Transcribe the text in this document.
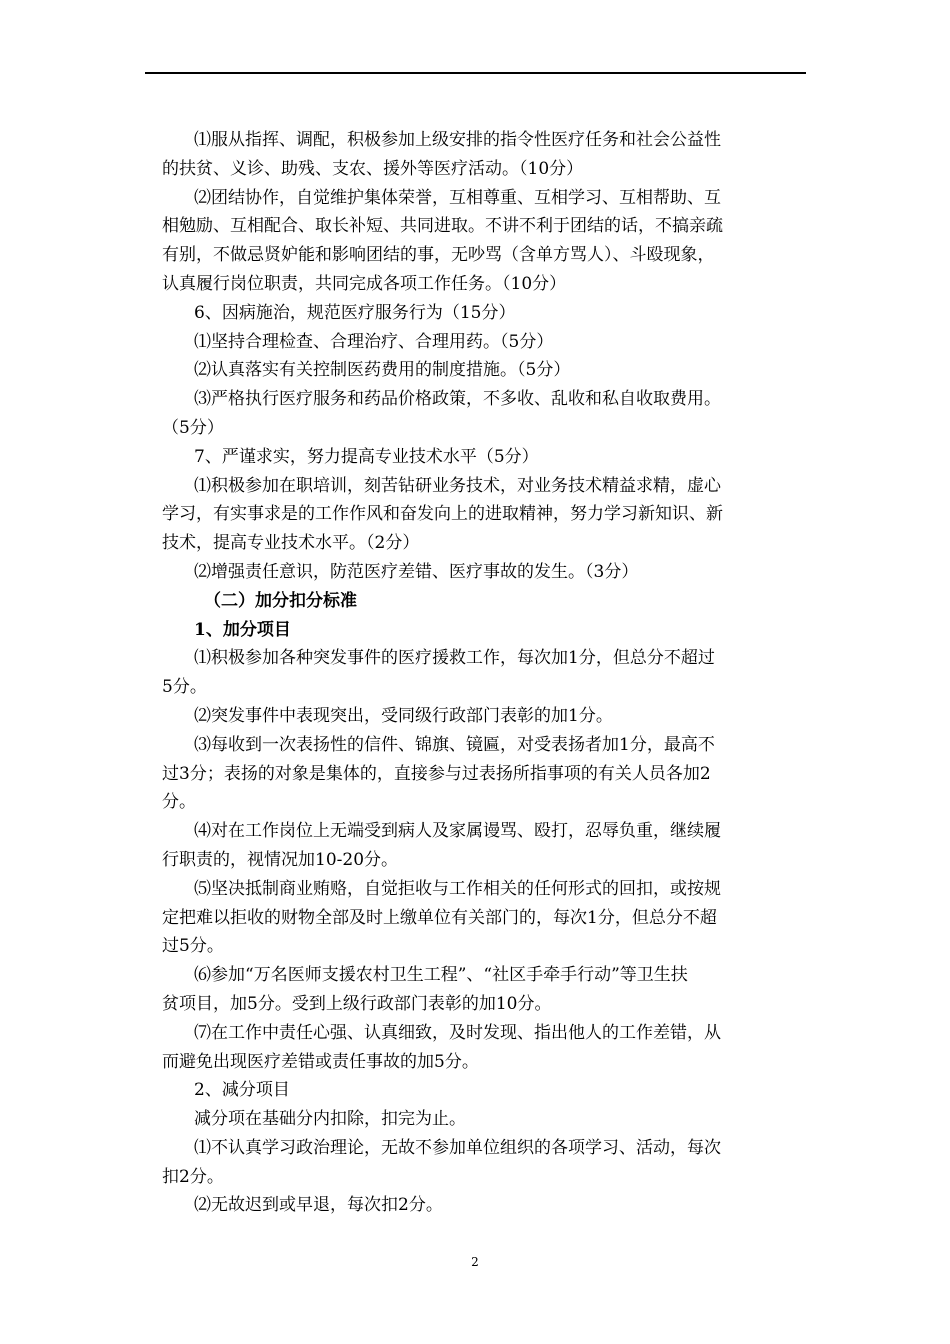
⑴服从指挥、调配，积极参加上级安排的指令性医疗任务和社会公益性
的扶贫、义诊、助残、支农、援外等医疗活动。（10分）
⑵团结协作，自觉维护集体荣誉，互相尊重、互相学习、互相帮助、互
相勉励、互相配合、取长补短、共同进取。不讲不利于团结的话，不搞亲疏
有别，不做忌贤妒能和影响团结的事，无吵骂（含单方骂人）、斗殴现象，
认真履行岗位职责，共同完成各项工作任务。（10分）
6、因病施治，规范医疗服务行为（15分）
⑴坚持合理检查、合理治疗、合理用药。（5分）
⑵认真落实有关控制医药费用的制度措施。（5分）
⑶严格执行医疗服务和药品价格政策，不多收、乱收和私自收取费用。
（5分）
7、严谨求实，努力提高专业技术水平（5分）
⑴积极参加在职培训，刻苦钻研业务技术，对业务技术精益求精，虚心
学习，有实事求是的工作作风和奋发向上的进取精神，努力学习新知识、新
技术，提高专业技术水平。（2分）
⑵增强责任意识，防范医疗差错、医疗事故的发生。（3分）
（二）加分扣分标准
1、加分项目
⑴积极参加各种突发事件的医疗援救工作，每次加1分，但总分不超过
5分。
⑵突发事件中表现突出，受同级行政部门表彰的加1分。
⑶每收到一次表扬性的信件、锦旗、镜匾，对受表扬者加1分，最高不
过3分；表扬的对象是集体的，直接参与过表扬所指事项的有关人员各加2
分。
⑷对在工作岗位上无端受到病人及家属谩骂、殴打，忍辱负重，继续履
行职责的，视情况加10-20分。
⑸坚决抵制商业贿赂，自觉拒收与工作相关的任何形式的回扣，或按规
定把难以拒收的财物全部及时上缴单位有关部门的，每次1分，但总分不超
过5分。
⑹参加“万名医师支援农村卫生工程”、“社区手牵手行动”等卫生扶
贫项目，加5分。受到上级行政部门表彰的加10分。
⑺在工作中责任心强、认真细致，及时发现、指出他人的工作差错，从
而避免出现医疗差错或责任事故的加5分。
2、减分项目
减分项在基础分内扣除，扣完为止。
⑴不认真学习政治理论，无故不参加单位组织的各项学习、活动，每次
扣2分。
⑵无故迟到或早退，每次扣2分。
2
